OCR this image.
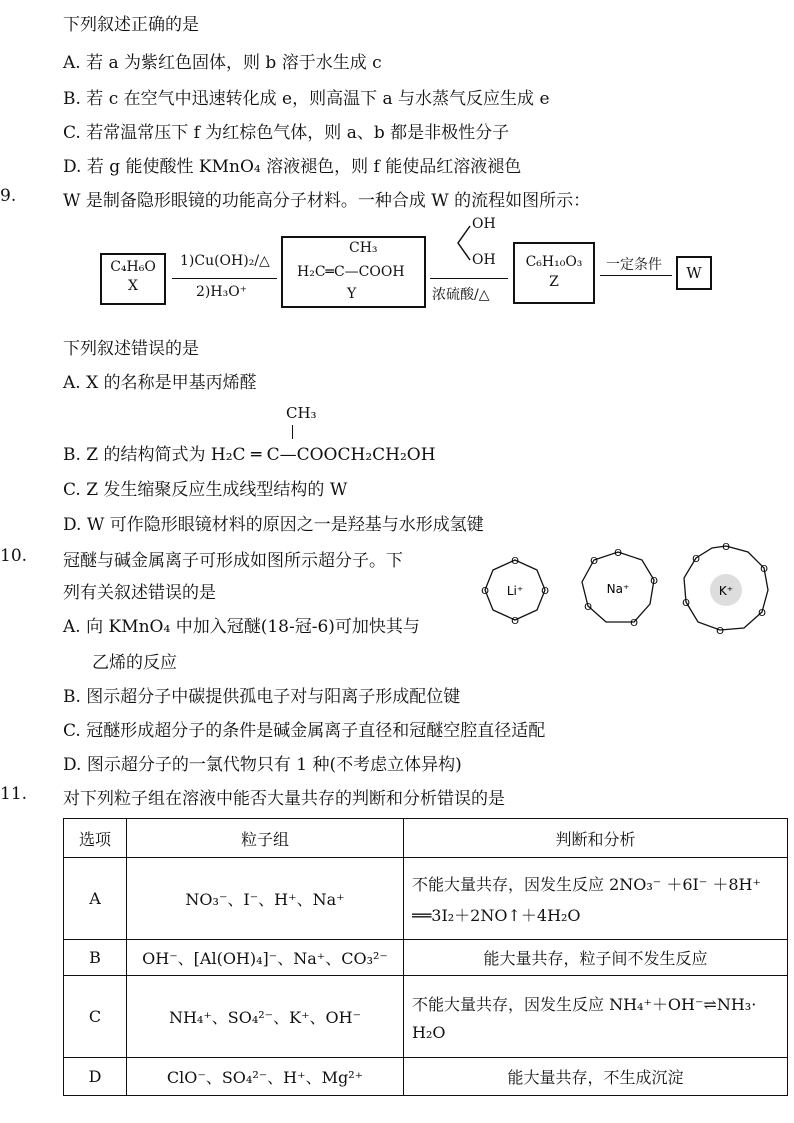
下列叙述正确的是
A. 若 a 为紫红色固体，则 b 溶于水生成 c
B. 若 c 在空气中迅速转化成 e，则高温下 a 与水蒸气反应生成 e
C. 若常温常压下 f 为红棕色气体，则 a、b 都是非极性分子
D. 若 g 能使酸性 KMnO₄ 溶液褪色，则 f 能使品红溶液褪色
9.	W 是制备隐形眼镜的功能高分子材料。一种合成 W 的流程如图所示：
C₄H₆O
X
1)Cu(OH)₂/△
2)H₃O⁺
CH₃
H₂C═C—COOH
Y
OH
OH
浓硫酸/△
C₆H₁₀O₃
Z
一定条件	W
下列叙述错误的是
A. X 的名称是甲基丙烯醛
CH₃
B. Z 的结构简式为 H₂C ═ C—COOCH₂CH₂OH
C. Z 发生缩聚反应生成线型结构的 W
D. W 可作隐形眼镜材料的原因之一是羟基与水形成氢键
10. 冠醚与碱金属离子可形成如图所示超分子。下
列有关叙述错误的是
A. 向 KMnO₄ 中加入冠醚(18-冠-6)可加快其与
乙烯的反应
B. 图示超分子中碳提供孤电子对与阳离子形成配位键
C. 冠醚形成超分子的条件是碱金属离子直径和冠醚空腔直径适配
D. 图示超分子的一氯代物只有 1 种(不考虑立体异构)
Li⁺
O
O
O
O	Na⁺
O
O
O
O
O
K⁺
O
O
O
O
O
O
11. 对下列粒子组在溶液中能否大量共存的判断和分析错误的是
选项	粒子组	判断和分析
A	NO₃⁻、I⁻、H⁺、Na⁺	不能大量共存，因发生反应 2NO₃⁻ ＋6I⁻ ＋8H⁺
══3I₂＋2NO↑＋4H₂O

B	OH⁻、[Al(OH)₄]⁻、Na⁺、CO₃²⁻	能大量共存，粒子间不发生反应
C	NH₄⁺、SO₄²⁻、K⁺、OH⁻	不能大量共存，因发生反应 NH₄⁺＋OH⁻⇌NH₃·
H₂O

D	ClO⁻、SO₄²⁻、H⁺、Mg²⁺	能大量共存，不生成沉淀
